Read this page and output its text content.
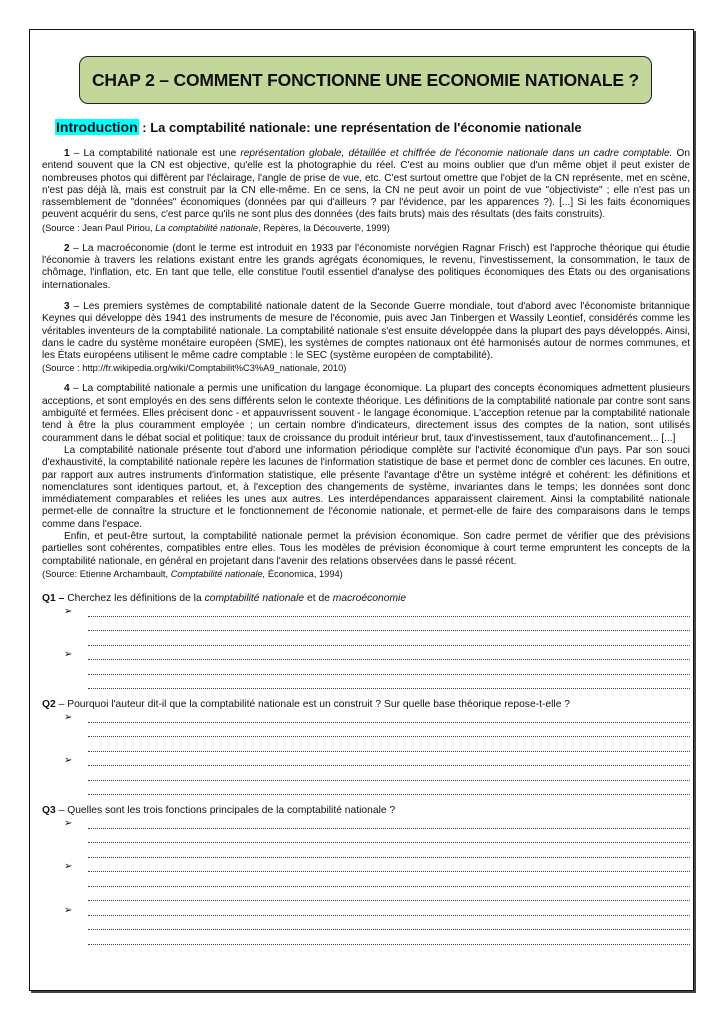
CHAP 2 – COMMENT FONCTIONNE UNE ECONOMIE NATIONALE ?
Introduction : La comptabilité nationale: une représentation de l'économie nationale

1 – La comptabilité nationale est une représentation globale, détaillée et chiffrée de l'économie nationale dans un cadre comptable. On entend souvent que la CN est objective, qu'elle est la photographie du réel. C'est au moins oublier que d'un même objet il peut exister de nombreuses photos qui diffèrent par l'éclairage, l'angle de prise de vue, etc. C'est surtout omettre que l'objet de la CN représente, met en scène, n'est pas déjà là, mais est construit par la CN elle-même. En ce sens, la CN ne peut avoir un point de vue "objectiviste" ; elle n'est pas un rassemblement de "données" économiques (données par qui d'ailleurs ? par l'évidence, par les apparences ?). [...] Si les faits économiques peuvent acquérir du sens, c'est parce qu'ils ne sont plus des données (des faits bruts) mais des résultats (des faits construits).

(Source : Jean Paul Piriou, La comptabilité nationale, Repères, la Découverte, 1999)

2 – La macroéconomie (dont le terme est introduit en 1933 par l'économiste norvégien Ragnar Frisch) est l'approche théorique qui étudie l'économie à travers les relations existant entre les grands agrégats économiques, le revenu, l'investissement, la consommation, le taux de chômage, l'inflation, etc. En tant que telle, elle constitue l'outil essentiel d'analyse des politiques économiques des États ou des organisations internationales.

3 – Les premiers systèmes de comptabilité nationale datent de la Seconde Guerre mondiale, tout d'abord avec l'économiste britannique Keynes qui développe dès 1941 des instruments de mesure de l'économie, puis avec Jan Tinbergen et Wassily Leontief, considérés comme les véritables inventeurs de la comptabilité nationale. La comptabilité nationale s'est ensuite développée dans la plupart des pays développés. Ainsi, dans le cadre du système monétaire européen (SME), les systèmes de comptes nationaux ont été harmonisés autour de normes communes, et les États européens utilisent le même cadre comptable : le SEC (système européen de comptabilité).

(Source : http://fr.wikipedia.org/wiki/Comptabilit%C3%A9_nationale, 2010)

4 – La comptabilité nationale a permis une unification du langage économique. La plupart des concepts économiques admettent plusieurs acceptions, et sont employés en des sens différents selon le contexte théorique. Les définitions de la comptabilité nationale par contre sont sans ambiguïté et fermées. Elles précisent donc - et appauvrissent souvent - le langage économique. L'acception retenue par la comptabilité nationale tend à être la plus couramment employée ; un certain nombre d'indicateurs, directement issus des comptes de la nation, sont utilisés couramment dans le débat social et politique: taux de croissance du produit intérieur brut, taux d'investissement, taux d'autofinancement... [...]

La comptabilité nationale présente tout d'abord une information périodique complète sur l'activité économique d'un pays. Par son souci d'exhaustivité, la comptabilité nationale repère les lacunes de l'information statistique de base et permet donc de combler ces lacunes. En outre, par rapport aux autres instruments d'information statistique, elle présente l'avantage d'être un système intégré et cohérent: les définitions et nomenclatures sont identiques partout, et, à l'exception des changements de système, invariantes dans le temps; les données sont donc immédiatement comparables et reliées les unes aux autres. Les interdépendances apparaissent clairement. Ainsi la comptabilité nationale permet-elle de connaître la structure et le fonctionnement de l'économie nationale, et permet-elle de faire des comparaisons dans le temps comme dans l'espace.

Enfin, et peut-être surtout, la comptabilité nationale permet la prévision économique. Son cadre permet de vérifier que des prévisions partielles sont cohérentes, compatibles entre elles. Tous les modèles de prévision économique à court terme empruntent les concepts de la comptabilité nationale, en général en projetant dans l'avenir des relations observées dans le passé récent.

(Source: Etienne Archambault, Comptabilité nationale, Économica, 1994)

Q1 – Cherchez les définitions de la comptabilité nationale et de macroéconomie

➢
➢

Q2 – Pourquoi l'auteur dit-il que la comptabilité nationale est un construit ? Sur quelle base théorique repose-t-elle ?

➢
➢

Q3 – Quelles sont les trois fonctions principales de la comptabilité nationale ?

➢
➢
➢
